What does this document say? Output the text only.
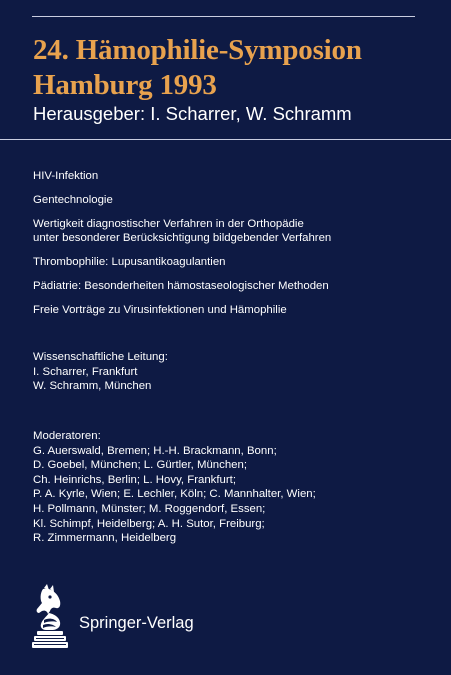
24. Hämophilie-Symposion
Hamburg 1993
Herausgeber: I. Scharrer, W. Schramm
HIV-Infektion
Gentechnologie
Wertigkeit diagnostischer Verfahren in der Orthopädie
unter besonderer Berücksichtigung bildgebender Verfahren
Thrombophilie: Lupusantikoagulantien
Pädiatrie: Besonderheiten hämostaseologischer Methoden
Freie Vorträge zu Virusinfektionen und Hämophilie
Wissenschaftliche Leitung:
I. Scharrer, Frankfurt
W. Schramm, München
Moderatoren:
G. Auerswald, Bremen; H.-H. Brackmann, Bonn;
D. Goebel, München; L. Gürtler, München;
Ch. Heinrichs, Berlin; L. Hovy, Frankfurt;
P. A. Kyrle, Wien; E. Lechler, Köln; C. Mannhalter, Wien;
H. Pollmann, Münster; M. Roggendorf, Essen;
Kl. Schimpf, Heidelberg; A. H. Sutor, Freiburg;
R. Zimmermann, Heidelberg
Springer-Verlag
